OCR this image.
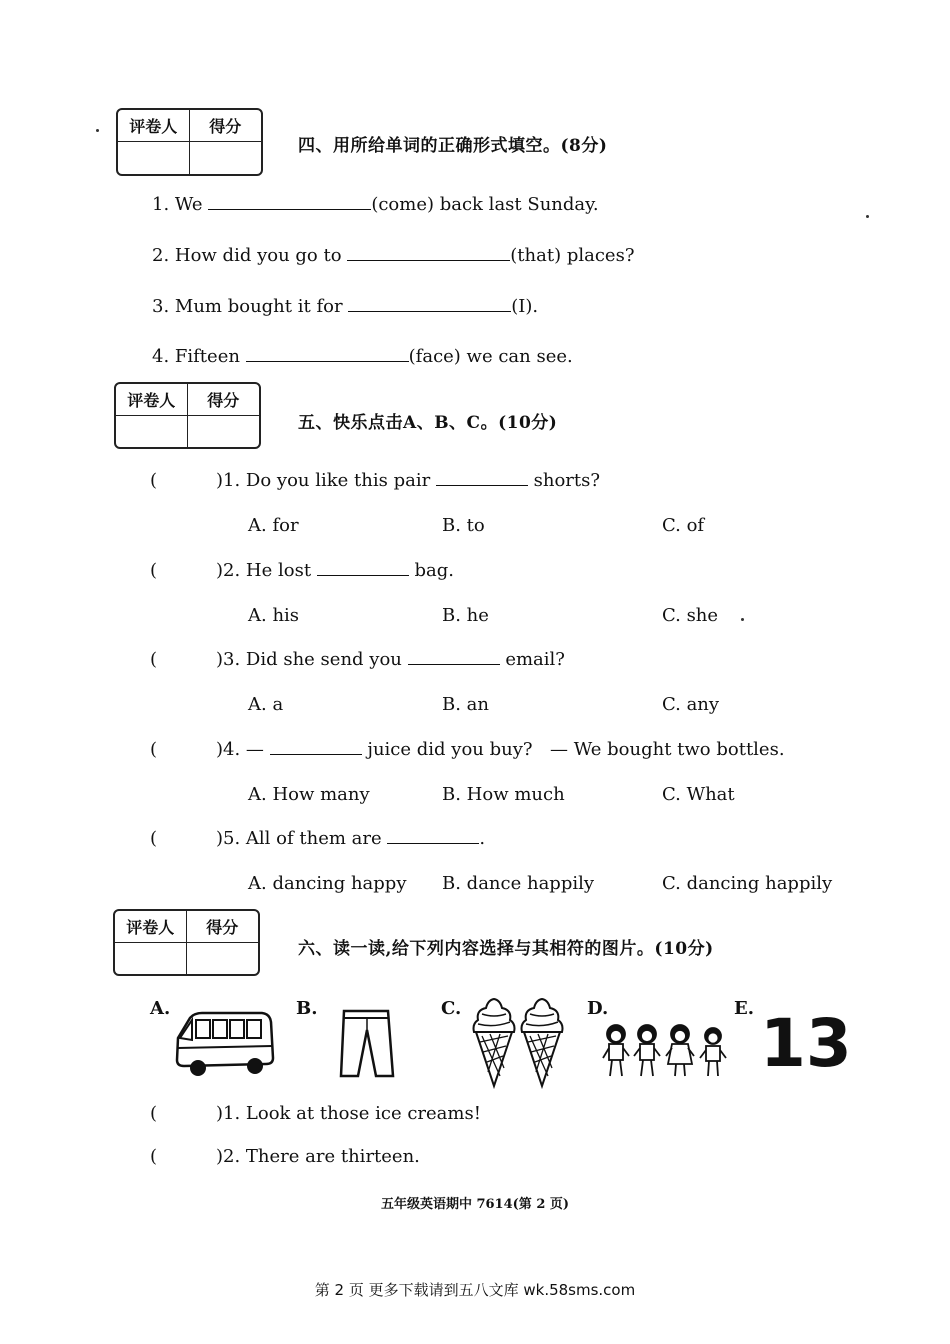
评卷人	得分
四、用所给单词的正确形式填空。(8分)
1. We	(come) back last Sunday.
2. How did you go to	(that) places?
3. Mum bought it for	(I).
4. Fifteen	(face) we can see.
评卷人	得分
五、快乐点击A、B、C。(10分)
(	)1. Do you like this pair	shorts?
A. for	B. to	C. of
(	)2. He lost	bag.
A. his	B. he	C. she
(	)3. Did she send you	email?
A. a	B. an	C. any
(	)4. —	juice did you buy? — We bought two bottles.
A. How many	B. How much	C. What
(	)5. All of them are	.
A. dancing happy B. dance happily	C. dancing happily
评卷人	得分
六、读一读,给下列内容选择与其相符的图片。(10分)
A.	B.	C.	D.	E. 13
(	)1. Look at those ice creams!
(	)2. There are thirteen.
五年级英语期中 7614(第 2 页)
第 2 页 更多下载请到五八文库 wk.58sms.com
